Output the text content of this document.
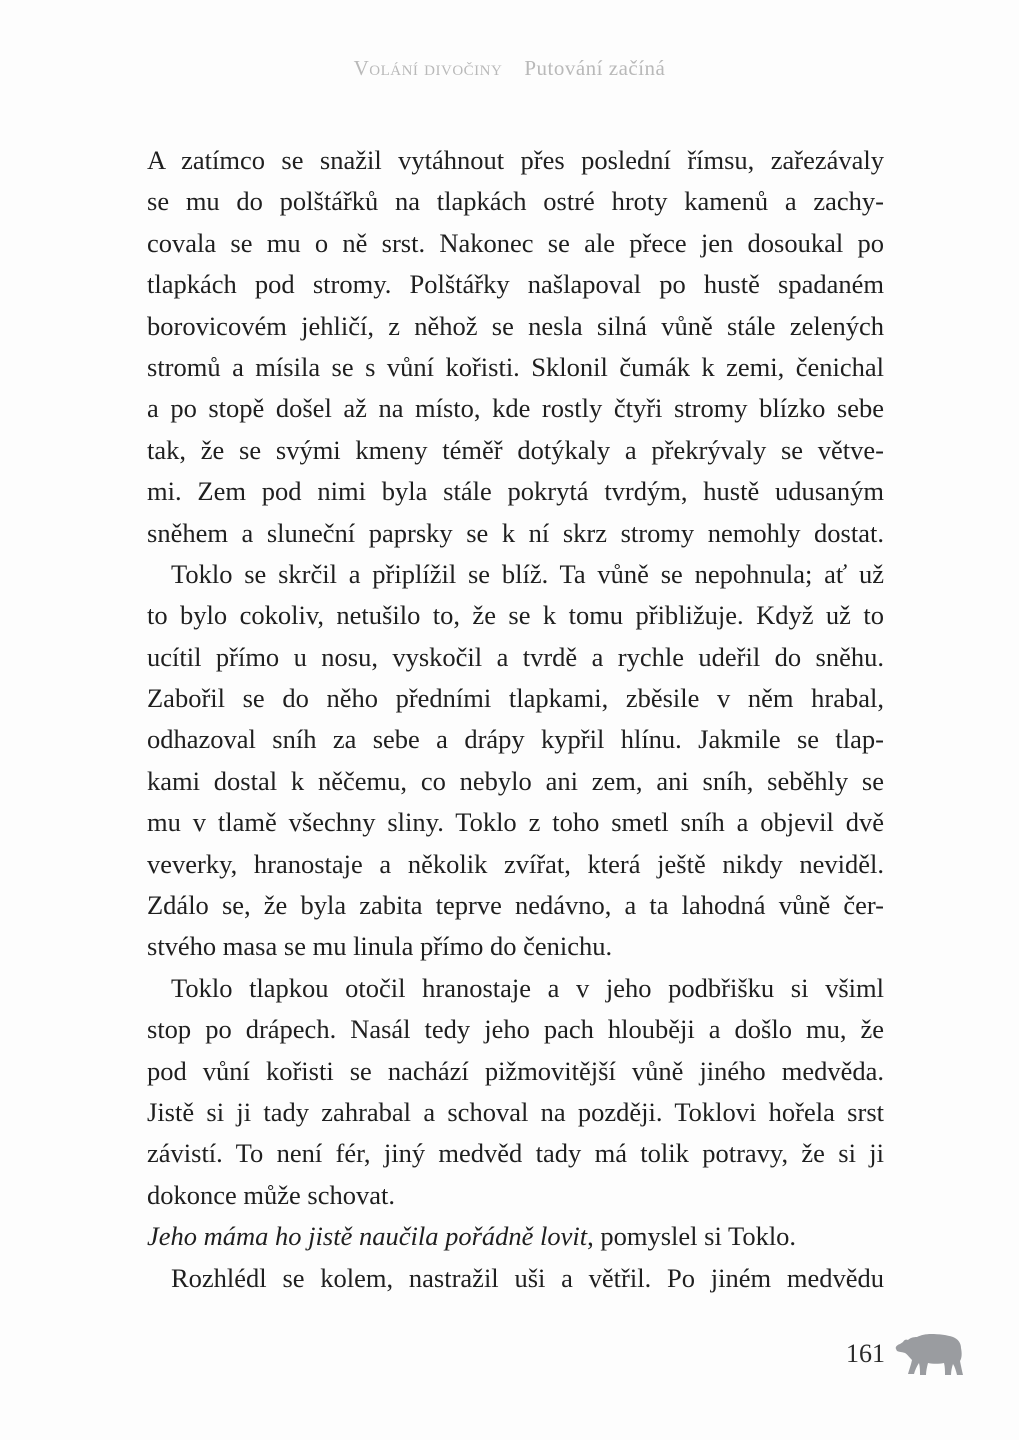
Volání divočiny Putování začíná
A zatímco se snažil vytáhnout přes poslední římsu, zařezávaly
se mu do polštářků na tlapkách ostré hroty kamenů a zachy-
covala se mu o ně srst. Nakonec se ale přece jen dosoukal po
tlapkách pod stromy. Polštářky našlapoval po hustě spadaném
borovicovém jehličí, z něhož se nesla silná vůně stále zelených
stromů a mísila se s vůní kořisti. Sklonil čumák k zemi, čenichal
a po stopě došel až na místo, kde rostly čtyři stromy blízko sebe
tak, že se svými kmeny téměř dotýkaly a překrývaly se větve-
mi. Zem pod nimi byla stále pokrytá tvrdým, hustě udusaným
sněhem a sluneční paprsky se k ní skrz stromy nemohly dostat.
Toklo se skrčil a připlížil se blíž. Ta vůně se nepohnula; ať už
to bylo cokoliv, netušilo to, že se k tomu přibližuje. Když už to
ucítil přímo u nosu, vyskočil a tvrdě a rychle udeřil do sněhu.
Zabořil se do něho předními tlapkami, zběsile v něm hrabal,
odhazoval sníh za sebe a drápy kypřil hlínu. Jakmile se tlap-
kami dostal k něčemu, co nebylo ani zem, ani sníh, seběhly se
mu v tlamě všechny sliny. Toklo z toho smetl sníh a objevil dvě
veverky, hranostaje a několik zvířat, která ještě nikdy neviděl.
Zdálo se, že byla zabita teprve nedávno, a ta lahodná vůně čer-
stvého masa se mu linula přímo do čenichu.
Toklo tlapkou otočil hranostaje a v jeho podbřišku si všiml
stop po drápech. Nasál tedy jeho pach hlouběji a došlo mu, že
pod vůní kořisti se nachází pižmovitější vůně jiného medvěda.
Jistě si ji tady zahrabal a schoval na později. Toklovi hořela srst
závistí. To není fér, jiný medvěd tady má tolik potravy, že si ji
dokonce může schovat.
Jeho máma ho jistě naučila pořádně lovit, pomyslel si Toklo.
Rozhlédl se kolem, nastražil uši a větřil. Po jiném medvědu
161
